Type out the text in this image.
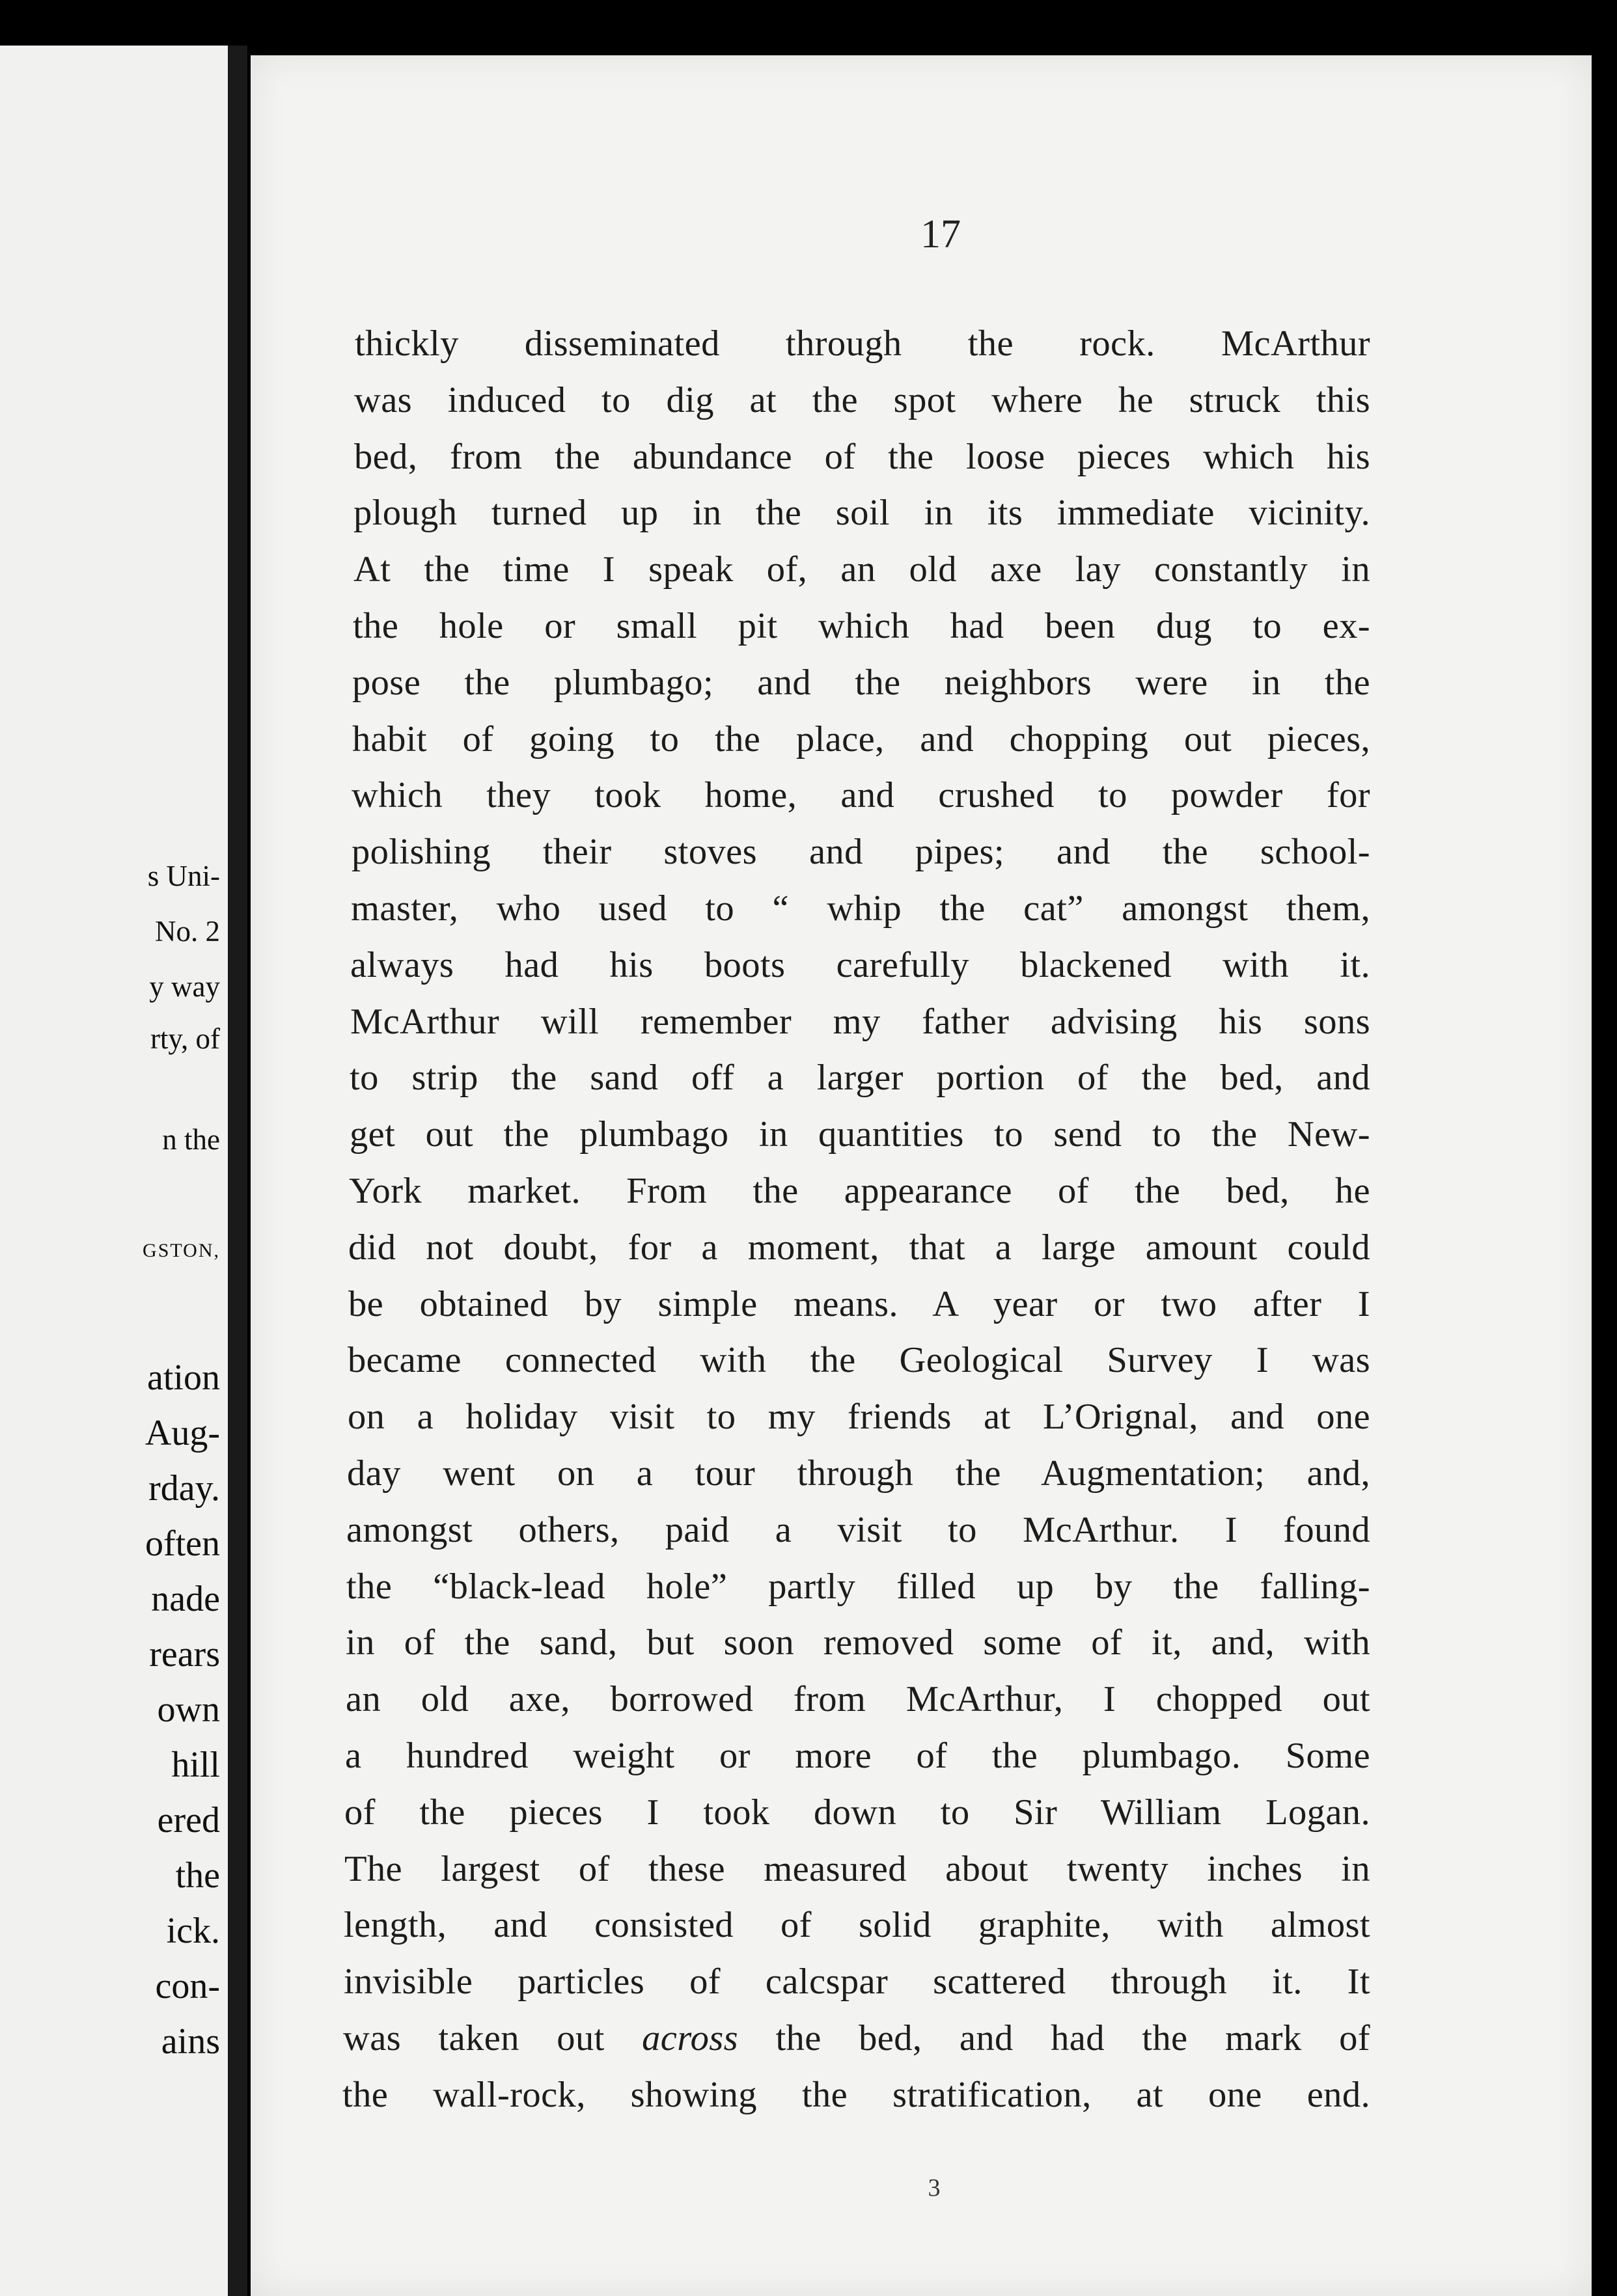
s Uni-
No. 2
y way
rty, of
n the
GSTON,
ation
Aug-
rday.
often
nade
rears
own
hill
ered
the
ick.
con-
ains
17
thickly disseminated through the rock. McArthur
was induced to dig at the spot where he struck this
bed, from the abundance of the loose pieces which his
plough turned up in the soil in its immediate vicinity.
At the time I speak of, an old axe lay constantly in
the hole or small pit which had been dug to ex-
pose the plumbago; and the neighbors were in the
habit of going to the place, and chopping out pieces,
which they took home, and crushed to powder for
polishing their stoves and pipes; and the school-
master, who used to “ whip the cat” amongst them,
always had his boots carefully blackened with it.
McArthur will remember my father advising his sons
to strip the sand off a larger portion of the bed, and
get out the plumbago in quantities to send to the New-
York market. From the appearance of the bed, he
did not doubt, for a moment, that a large amount could
be obtained by simple means. A year or two after I
became connected with the Geological Survey I was
on a holiday visit to my friends at L’Orignal, and one
day went on a tour through the Augmentation; and,
amongst others, paid a visit to McArthur. I found
the “black-lead hole” partly filled up by the falling-
in of the sand, but soon removed some of it, and, with
an old axe, borrowed from McArthur, I chopped out
a hundred weight or more of the plumbago. Some
of the pieces I took down to Sir William Logan.
The largest of these measured about twenty inches in
length, and consisted of solid graphite, with almost
invisible particles of calcspar scattered through it. It
was taken out across the bed, and had the mark of
the wall-rock, showing the stratification, at one end.
3
